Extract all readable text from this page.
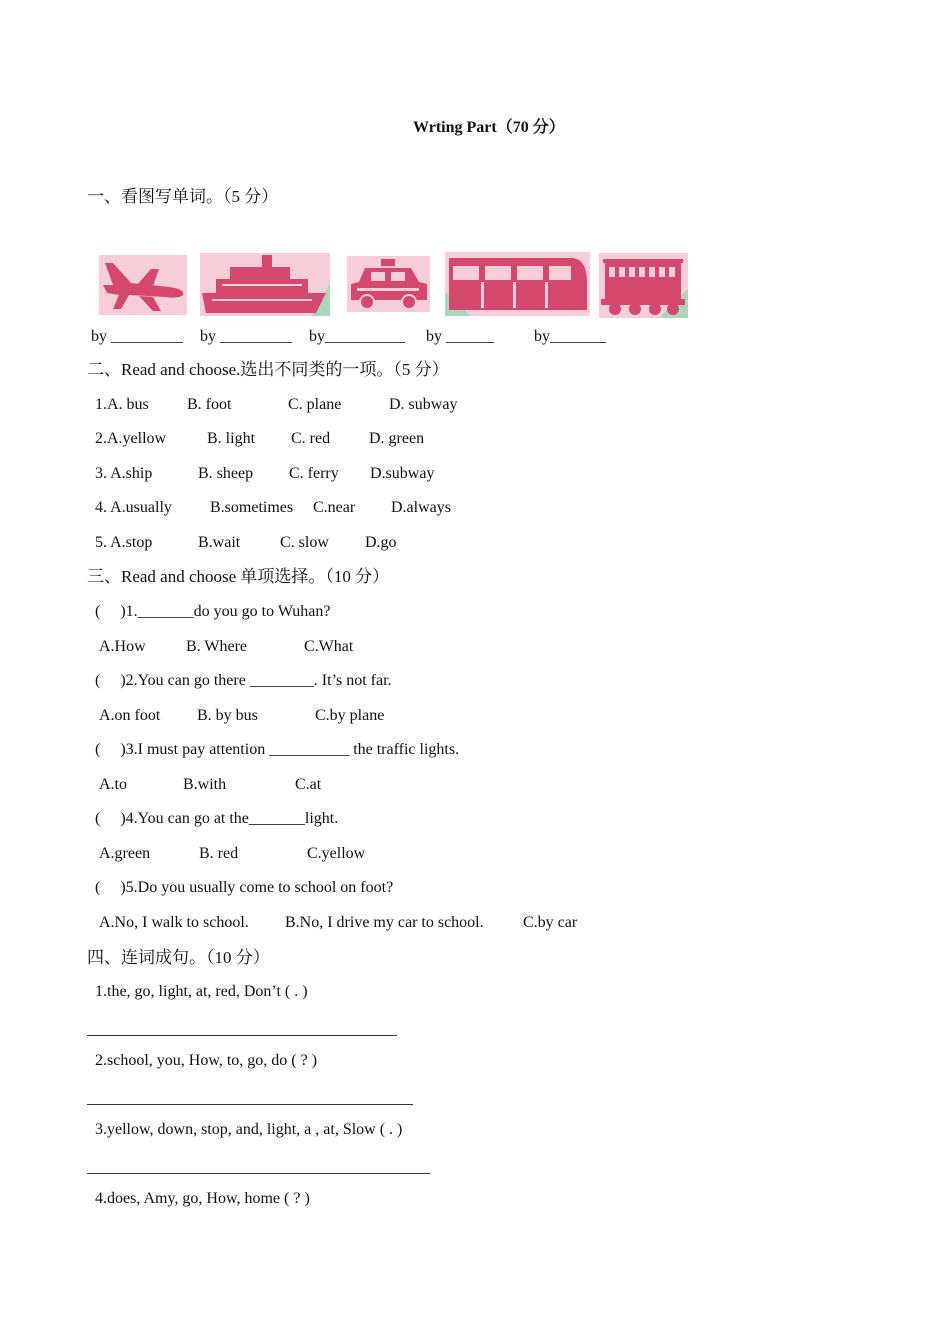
Wrting Part（70 分）
一、看图写单词。（5 分）
by _________ by _________ by__________ by ______	by_______
二、Read and choose.选出不同类的一项。（5 分）
1.A. bus B. foot	C. plane	D. subway
2.A.yellow	B. light C. red D. green
3. A.ship	B. sheep C. ferry D.subway
4. A.usually B.sometimes C.near D.always
5. A.stop	B.wait C. slow D.go
三、Read and choose 单项选择。（10 分）
(     )1._______do you go to Wuhan?
A.How	B. Where	C.What
(     )2.You can go there ________. It’s not far.
A.on foot B. by bus	C.by plane
(     )3.I must pay attention __________ the traffic lights.
A.to	B.with	C.at
(     )4.You can go at the_______light.
A.green	B. red	C.yellow
(     )5.Do you usually come to school on foot?
A.No, I walk to school. B.No, I drive my car to school. C.by car
四、连词成句。（10 分）
1.the, go, light, at, red, Don’t ( . )
2.school, you, How, to, go, do ( ? )
3.yellow, down, stop, and, light, a , at, Slow ( . )
4.does, Amy, go, How, home ( ? )
